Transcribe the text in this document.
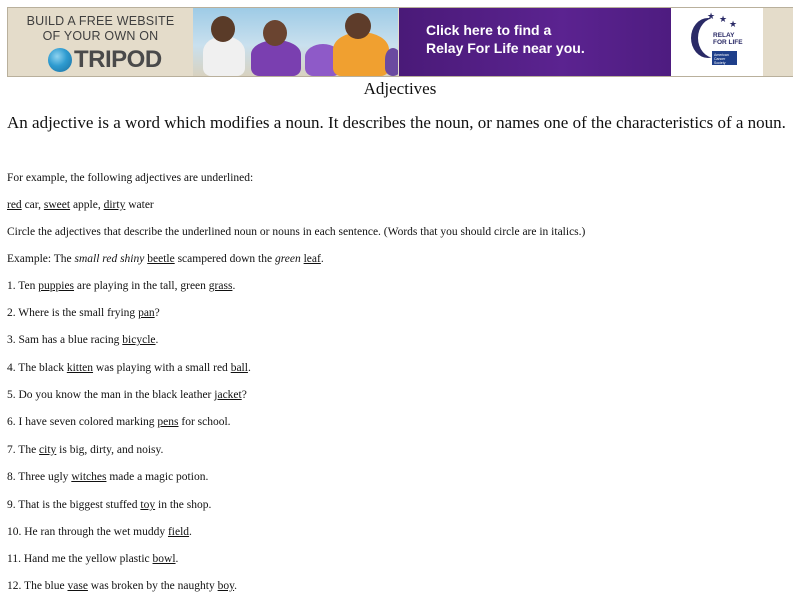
BUILD A FREE WEBSITE
OF YOUR OWN ON
TRIPOD
Click here to find a
Relay For Life near you.
★ ★ ★
RELAY
FOR LIFE
American Cancer Society
Adjectives
An adjective is a word which modifies a noun. It describes the noun, or names one of the characteristics of a noun.
For example, the following adjectives are underlined:
red car, sweet apple, dirty water
Circle the adjectives that describe the underlined noun or nouns in each sentence. (Words that you should circle are in italics.)
Example: The small red shiny beetle scampered down the green leaf.
1. Ten puppies are playing in the tall, green grass.
2. Where is the small frying pan?
3. Sam has a blue racing bicycle.
4. The black kitten was playing with a small red ball.
5. Do you know the man in the black leather jacket?
6. I have seven colored marking pens for school.
7. The city is big, dirty, and noisy.
8. Three ugly witches made a magic potion.
9. That is the biggest stuffed toy in the shop.
10. He ran through the wet muddy field.
11. Hand me the yellow plastic bowl.
12. The blue vase was broken by the naughty boy.
